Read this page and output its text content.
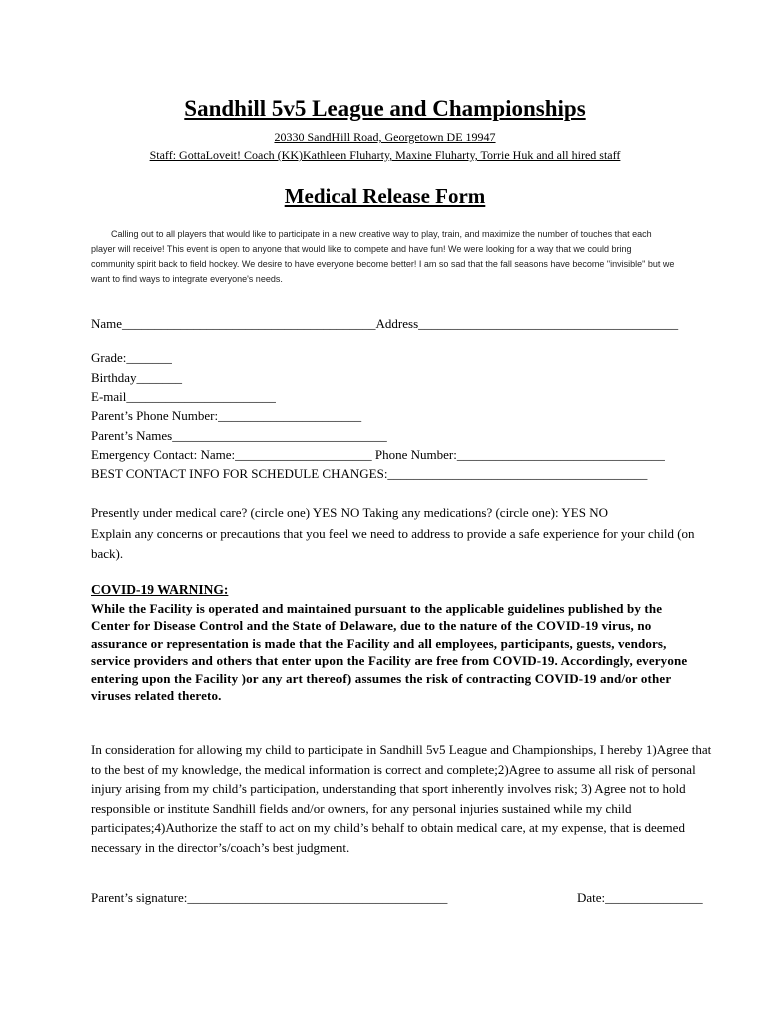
Sandhill 5v5 League and Championships
20330 SandHill Road, Georgetown DE 19947
Staff: GottaLoveit! Coach (KK)Kathleen Fluharty, Maxine Fluharty, Torrie Huk and all hired staff
Medical Release Form
Calling out to all players that would like to participate in a new creative way to play, train, and maximize the number of touches that each player will receive! This event is open to anyone that would like to compete and have fun! We were looking for a way that we could bring community spirit back to field hockey. We desire to have everyone become better! I am so sad that the fall seasons have become "invisible" but we want to find ways to integrate everyone's needs.
Name_______________________________________Address________________________________________
Grade:_______
Birthday_______
E-mail_______________________
Parent’s Phone Number:______________________
Parent’s Names_________________________________
Emergency Contact: Name:_____________________ Phone Number:________________________________
BEST CONTACT INFO FOR SCHEDULE CHANGES:________________________________________
Presently under medical care? (circle one) YES NO Taking any medications? (circle one): YES NO
Explain any concerns or precautions that you feel we need to address to provide a safe experience for your child (on back).
COVID-19 WARNING:
While the Facility is operated and maintained pursuant to the applicable guidelines published by the Center for Disease Control and the State of Delaware, due to the nature of the COVID-19 virus, no assurance or representation is made that the Facility and all employees, participants, guests, vendors, service providers and others that enter upon the Facility are free from COVID-19. Accordingly, everyone entering upon the Facility )or any art thereof) assumes the risk of contracting COVID-19 and/or other viruses related thereto.
In consideration for allowing my child to participate in Sandhill 5v5 League and Championships, I hereby 1)Agree that to the best of my knowledge, the medical information is correct and complete;2)Agree to assume all risk of personal injury arising from my child’s participation, understanding that sport inherently involves risk; 3) Agree not to hold responsible or institute Sandhill fields and/or owners, for any personal injuries sustained while my child participates;4)Authorize the staff to act on my child’s behalf to obtain medical care, at my expense, that is deemed necessary in the director’s/coach’s best judgment.
Parent’s signature:________________________________________	Date:_______________
